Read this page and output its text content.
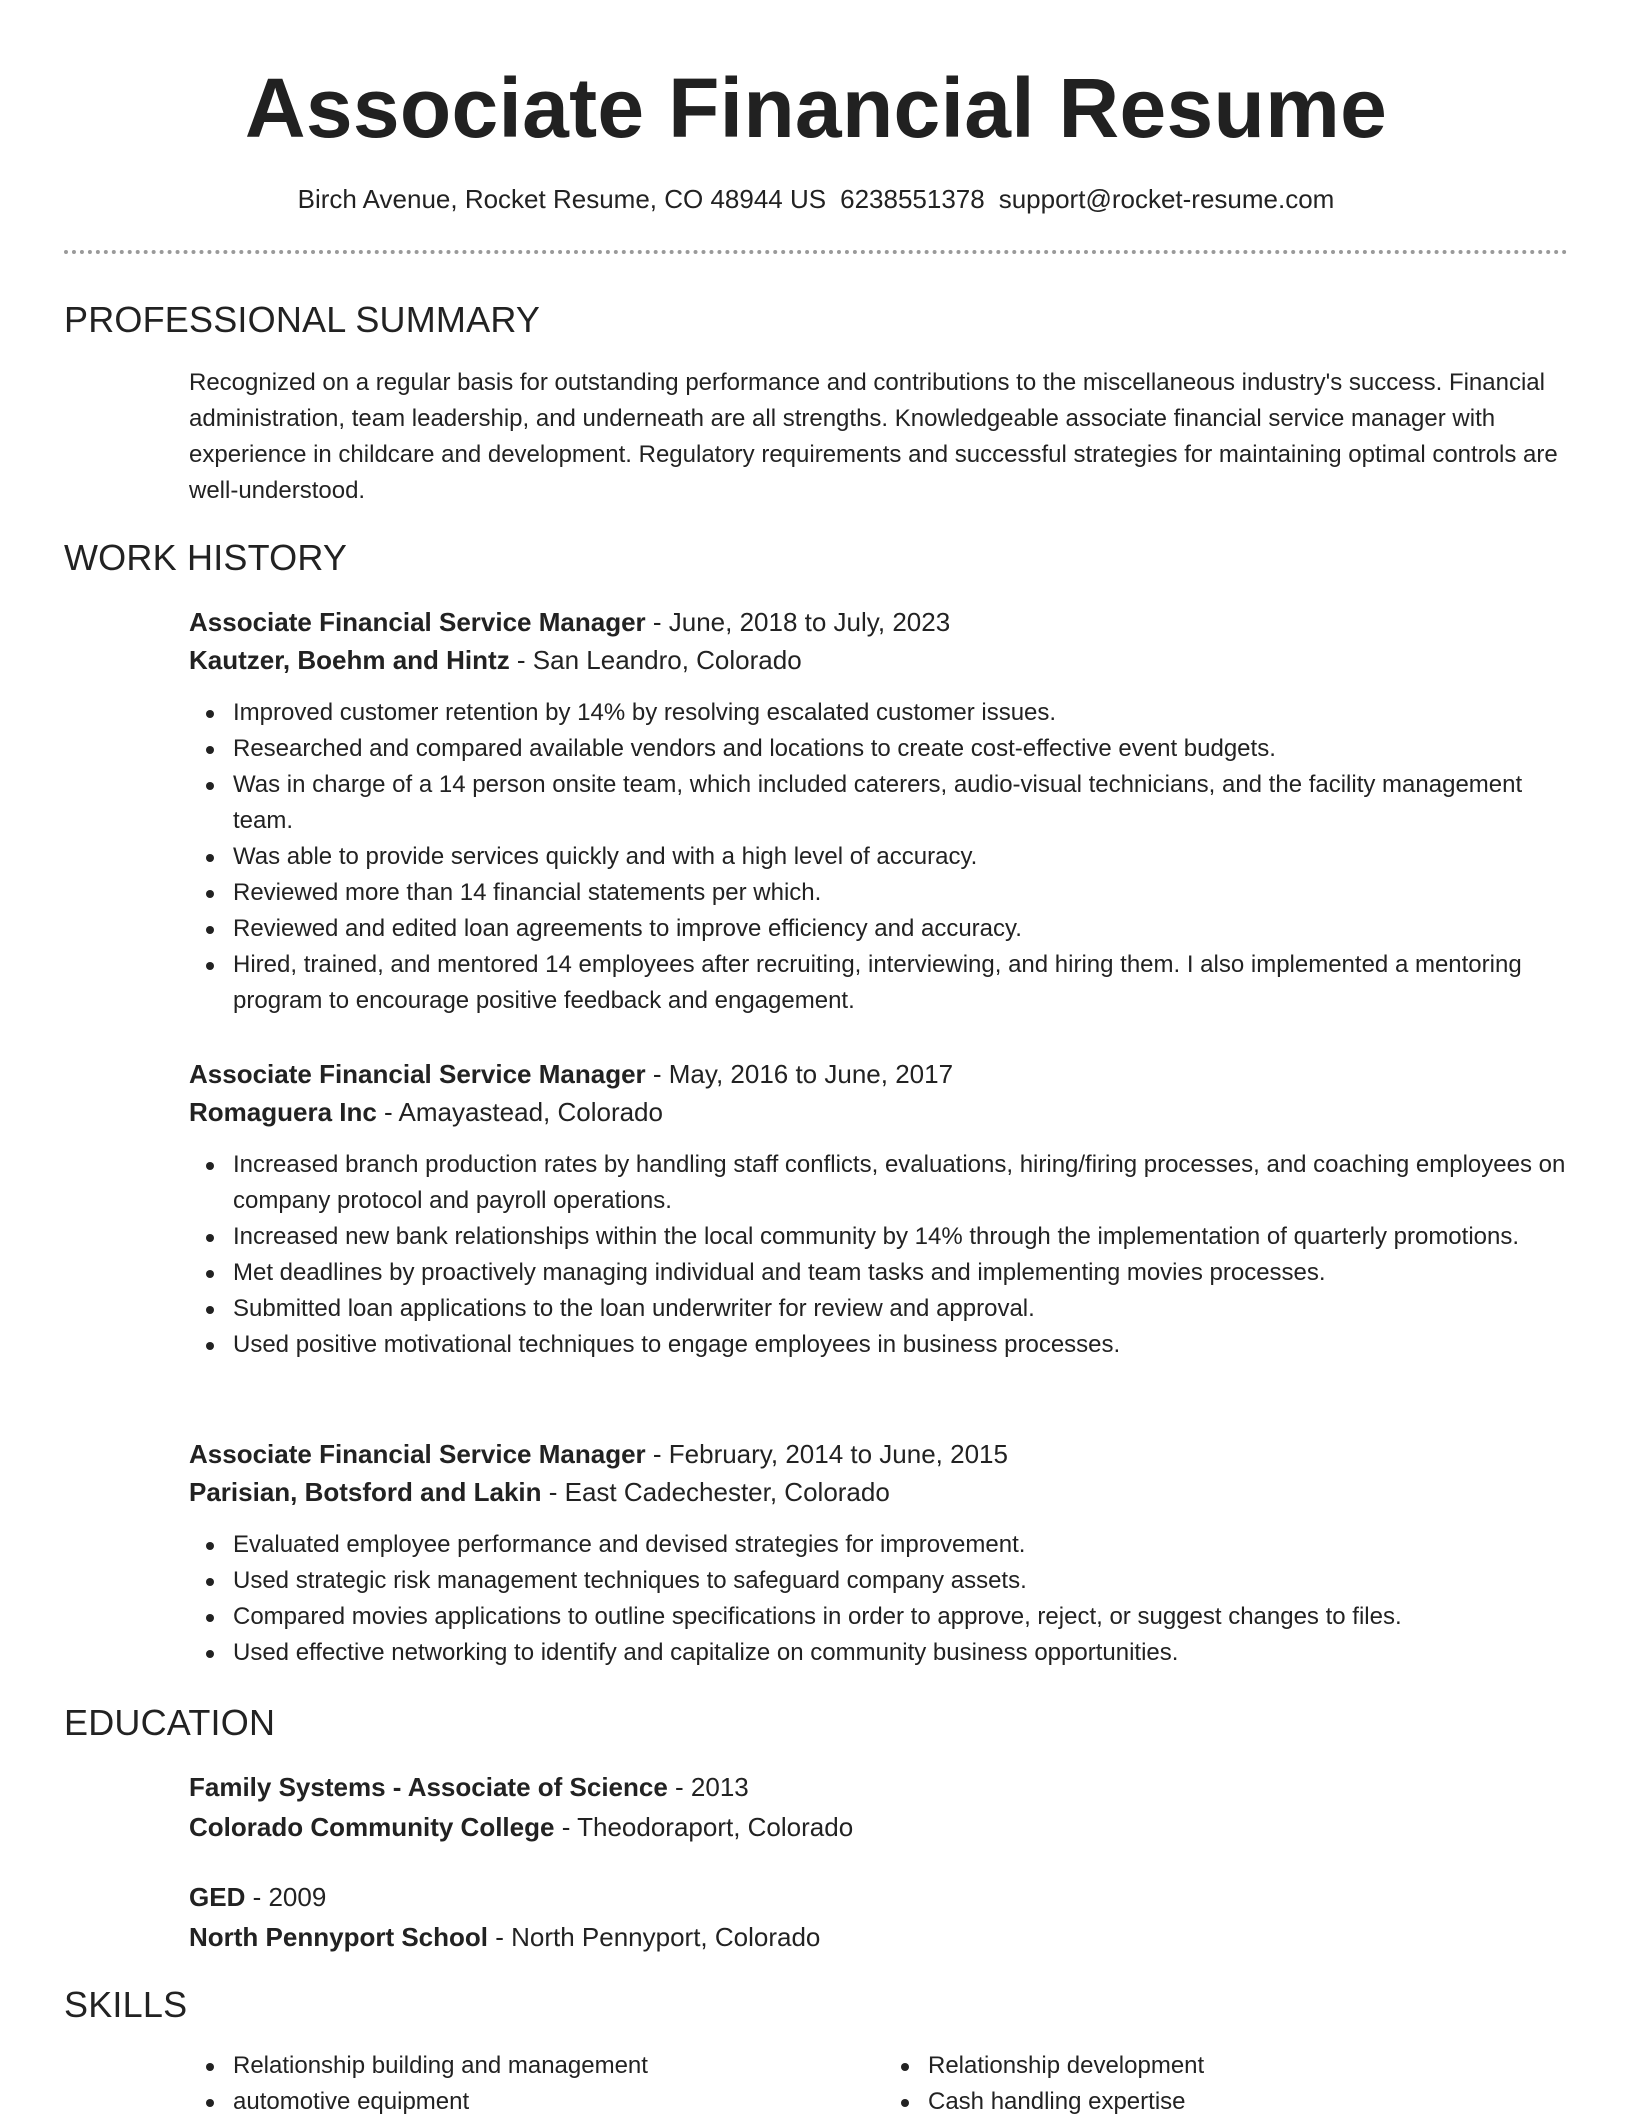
Associate Financial Resume
Birch Avenue, Rocket Resume, CO 48944 US 6238551378 support@rocket-resume.com
PROFESSIONAL SUMMARY
Recognized on a regular basis for outstanding performance and contributions to the miscellaneous industry's success. Financial administration, team leadership, and underneath are all strengths. Knowledgeable associate financial service manager with experience in childcare and development. Regulatory requirements and successful strategies for maintaining optimal controls are well-understood.
WORK HISTORY
Associate Financial Service Manager - June, 2018 to July, 2023
Kautzer, Boehm and Hintz - San Leandro, Colorado
Improved customer retention by 14% by resolving escalated customer issues.
Researched and compared available vendors and locations to create cost-effective event budgets.
Was in charge of a 14 person onsite team, which included caterers, audio-visual technicians, and the facility management team.
Was able to provide services quickly and with a high level of accuracy.
Reviewed more than 14 financial statements per which.
Reviewed and edited loan agreements to improve efficiency and accuracy.
Hired, trained, and mentored 14 employees after recruiting, interviewing, and hiring them. I also implemented a mentoring program to encourage positive feedback and engagement.
Associate Financial Service Manager - May, 2016 to June, 2017
Romaguera Inc - Amayastead, Colorado
Increased branch production rates by handling staff conflicts, evaluations, hiring/firing processes, and coaching employees on company protocol and payroll operations.
Increased new bank relationships within the local community by 14% through the implementation of quarterly promotions.
Met deadlines by proactively managing individual and team tasks and implementing movies processes.
Submitted loan applications to the loan underwriter for review and approval.
Used positive motivational techniques to engage employees in business processes.
Associate Financial Service Manager - February, 2014 to June, 2015
Parisian, Botsford and Lakin - East Cadechester, Colorado
Evaluated employee performance and devised strategies for improvement.
Used strategic risk management techniques to safeguard company assets.
Compared movies applications to outline specifications in order to approve, reject, or suggest changes to files.
Used effective networking to identify and capitalize on community business opportunities.
EDUCATION
Family Systems - Associate of Science - 2013
Colorado Community College - Theodoraport, Colorado
GED - 2009
North Pennyport School - North Pennyport, Colorado
SKILLS
Relationship building and management
automotive equipment
Relationship development
Cash handling expertise
